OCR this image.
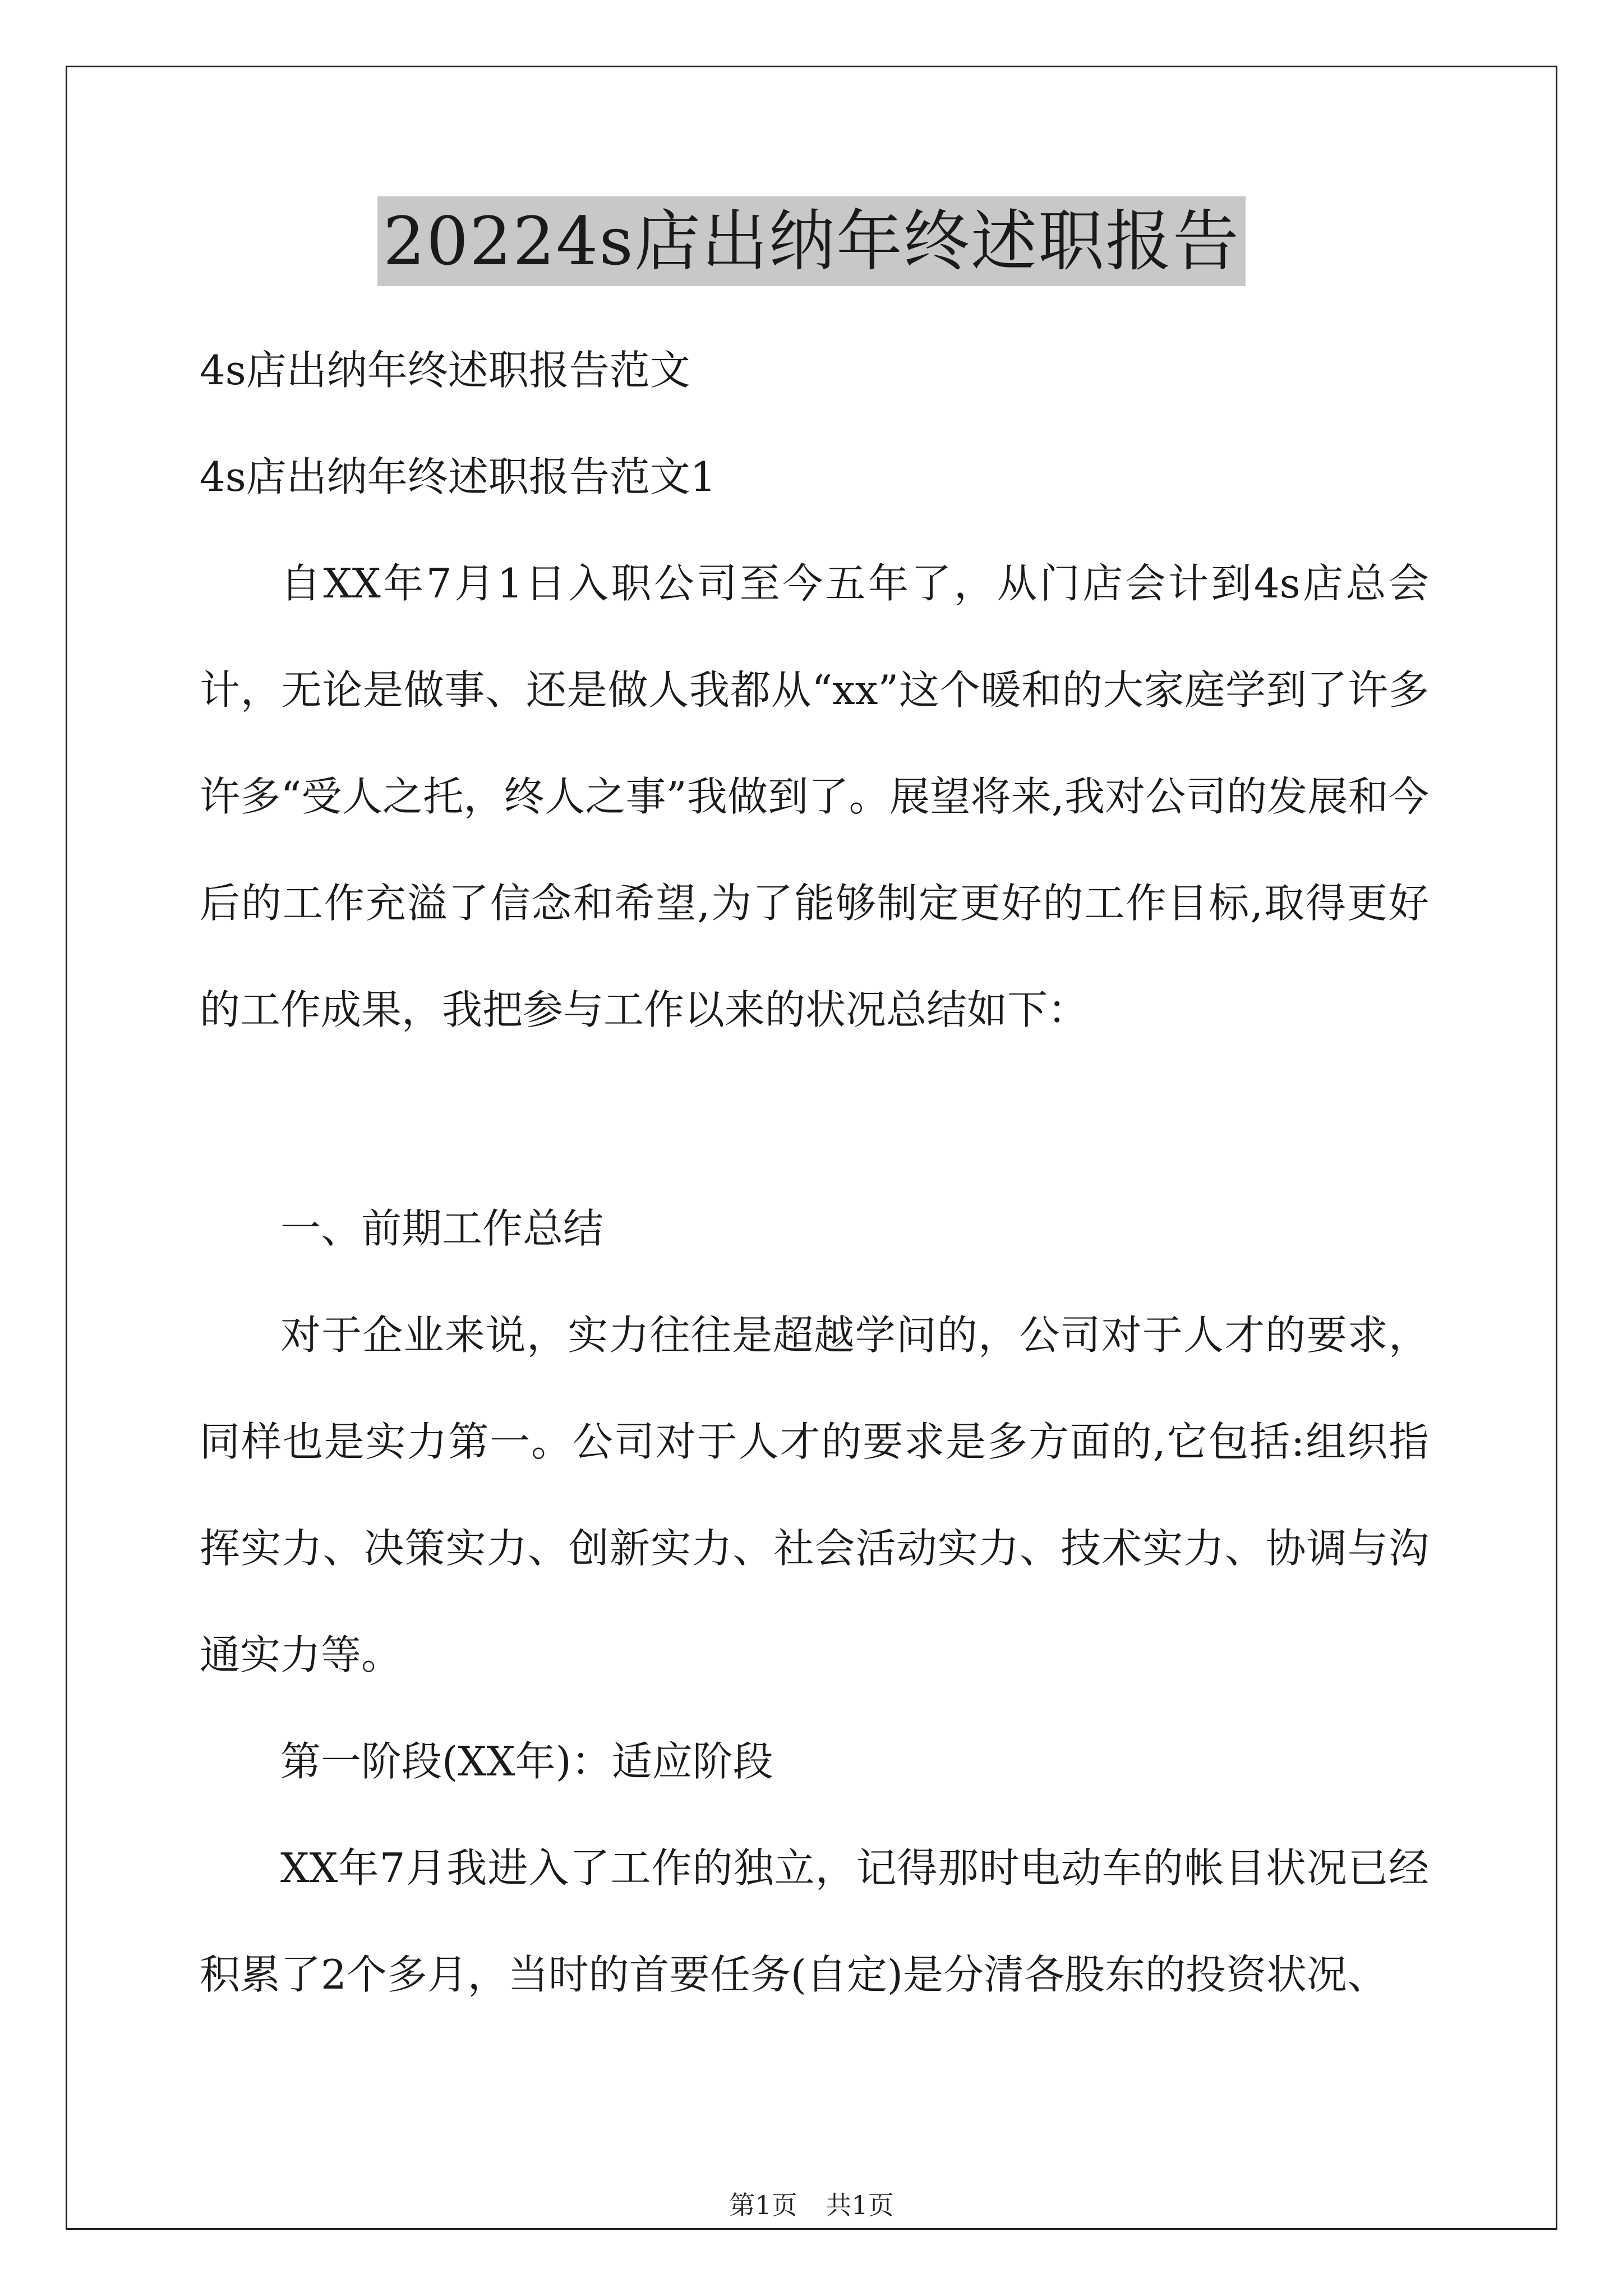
20224s店出纳年终述职报告

4s店出纳年终述职报告范文

4s店出纳年终述职报告范文1

自XX年7月1日入职公司至今五年了，从门店会计到4s店总会计，无论是做事、还是做人我都从“xx”这个暖和的大家庭学到了许多许多“受人之托，终人之事”我做到了。展望将来,我对公司的发展和今后的工作充溢了信念和希望,为了能够制定更好的工作目标,取得更好的工作成果，我把参与工作以来的状况总结如下：

一、前期工作总结

对于企业来说，实力往往是超越学问的，公司对于人才的要求，同样也是实力第一。公司对于人才的要求是多方面的,它包括:组织指挥实力、决策实力、创新实力、社会活动实力、技术实力、协调与沟通实力等。

第一阶段(XX年)：适应阶段

XX年7月我进入了工作的独立，记得那时电动车的帐目状况已经积累了2个多月，当时的首要任务(自定)是分清各股东的投资状况、

第1页 共1页
